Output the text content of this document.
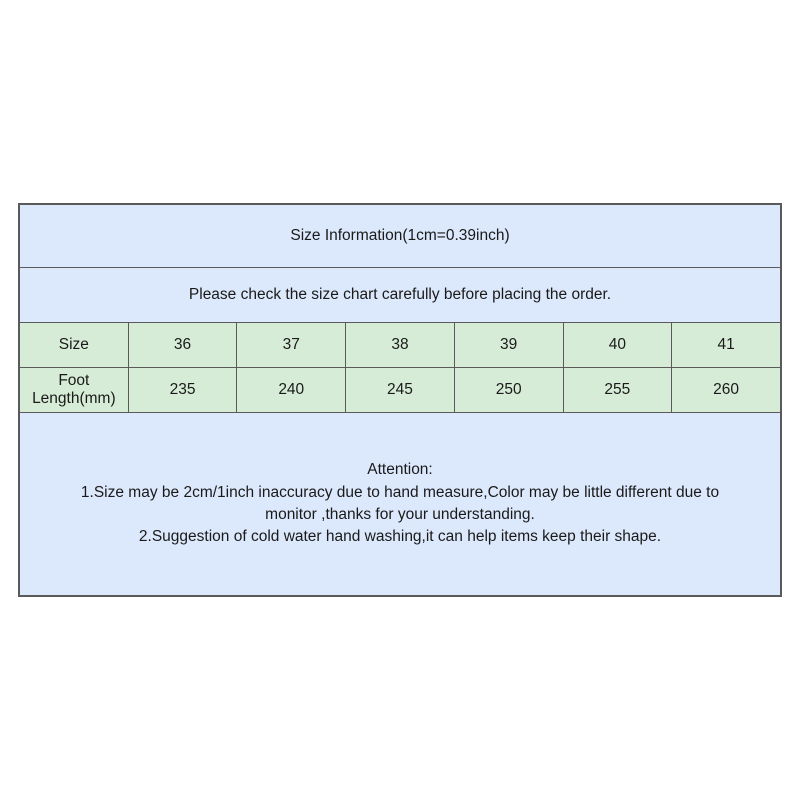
Size Information(1cm=0.39inch)						
Please check the size chart carefully before placing the order.						
Size	36	37	38	39	40	41
Foot Length(mm)	235	240	245	250	255	260

Attention:
1.Size may be 2cm/1inch inaccuracy due to hand measure,Color may be little different due to
monitor ,thanks for your understanding.
2.Suggestion of cold water hand washing,it can help items keep their shape.						
